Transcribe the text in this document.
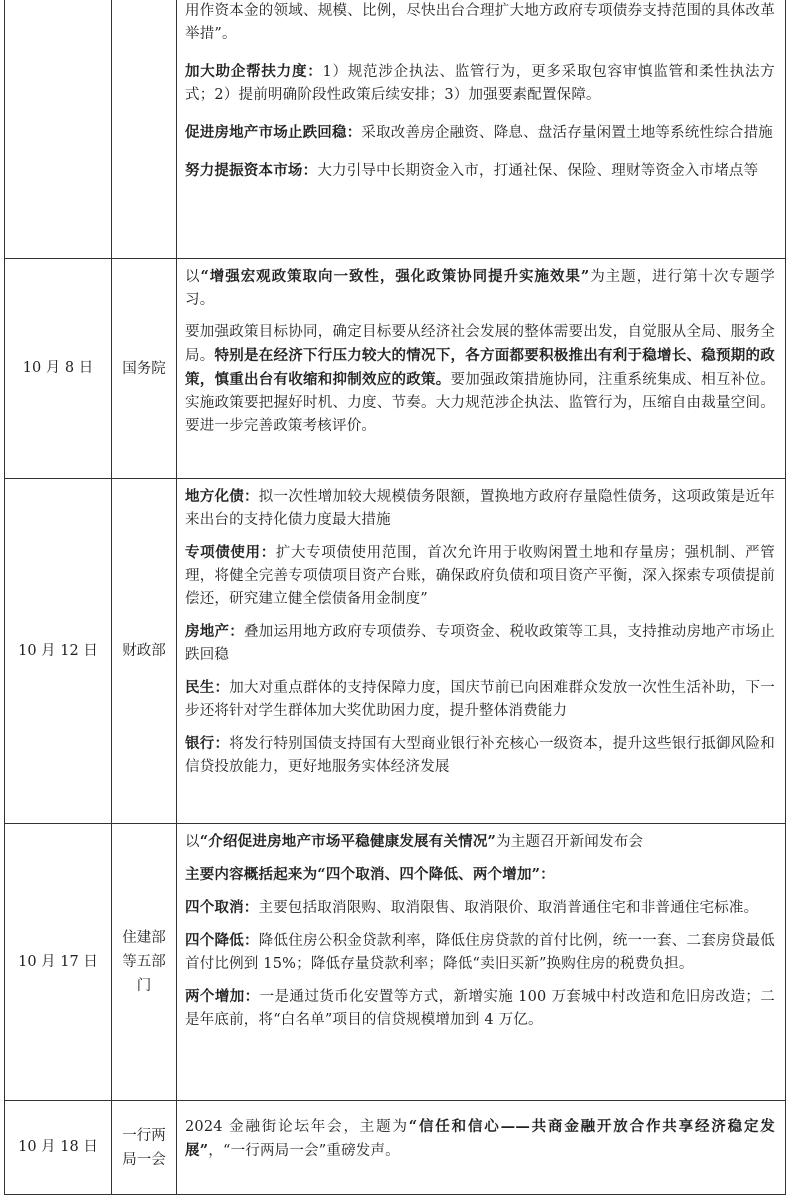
		用作资本金的领域、规模、比例，尽快出台合理扩大地方政府专项债券支持范围的具体改革举措”。

加大助企帮扶力度：1）规范涉企执法、监管行为，更多采取包容审慎监管和柔性执法方式；2）提前明确阶段性政策后续安排；3）加强要素配置保障。

促进房地产市场止跌回稳：采取改善房企融资、降息、盘活存量闲置土地等系统性综合措施

努力提振资本市场：大力引导中长期资金入市，打通社保、保险、理财等资金入市堵点等

10 月 8 日	国务院	以“增强宏观政策取向一致性，强化政策协同提升实施效果”为主题，进行第十次专题学习。

要加强政策目标协同，确定目标要从经济社会发展的整体需要出发，自觉服从全局、服务全局。特别是在经济下行压力较大的情况下，各方面都要积极推出有利于稳增长、稳预期的政策，慎重出台有收缩和抑制效应的政策。要加强政策措施协同，注重系统集成、相互补位。实施政策要把握好时机、力度、节奏。大力规范涉企执法、监管行为，压缩自由裁量空间。要进一步完善政策考核评价。

10 月 12 日	财政部	地方化债：拟一次性增加较大规模债务限额，置换地方政府存量隐性债务，这项政策是近年来出台的支持化债力度最大措施

专项债使用：扩大专项债使用范围，首次允许用于收购闲置土地和存量房；强机制、严管理，将健全完善专项债项目资产台账，确保政府负债和项目资产平衡，深入探索专项债提前偿还，研究建立健全偿债备用金制度”

房地产：叠加运用地方政府专项债券、专项资金、税收政策等工具，支持推动房地产市场止跌回稳

民生：加大对重点群体的支持保障力度，国庆节前已向困难群众发放一次性生活补助，下一步还将针对学生群体加大奖优助困力度，提升整体消费能力

银行：将发行特别国债支持国有大型商业银行补充核心一级资本，提升这些银行抵御风险和信贷投放能力，更好地服务实体经济发展

10 月 17 日	住建部等五部门	以“介绍促进房地产市场平稳健康发展有关情况”为主题召开新闻发布会

主要内容概括起来为“四个取消、四个降低、两个增加”：

四个取消：主要包括取消限购、取消限售、取消限价、取消普通住宅和非普通住宅标准。

四个降低：降低住房公积金贷款利率，降低住房贷款的首付比例，统一一套、二套房贷最低首付比例到 15%；降低存量贷款利率；降低“卖旧买新”换购住房的税费负担。

两个增加：一是通过货币化安置等方式，新增实施 100 万套城中村改造和危旧房改造；二是年底前，将“白名单”项目的信贷规模增加到 4 万亿。

10 月 18 日	一行两局一会	2024 金融街论坛年会，主题为“信任和信心——共商金融开放合作共享经济稳定发展”，“一行两局一会”重磅发声。
